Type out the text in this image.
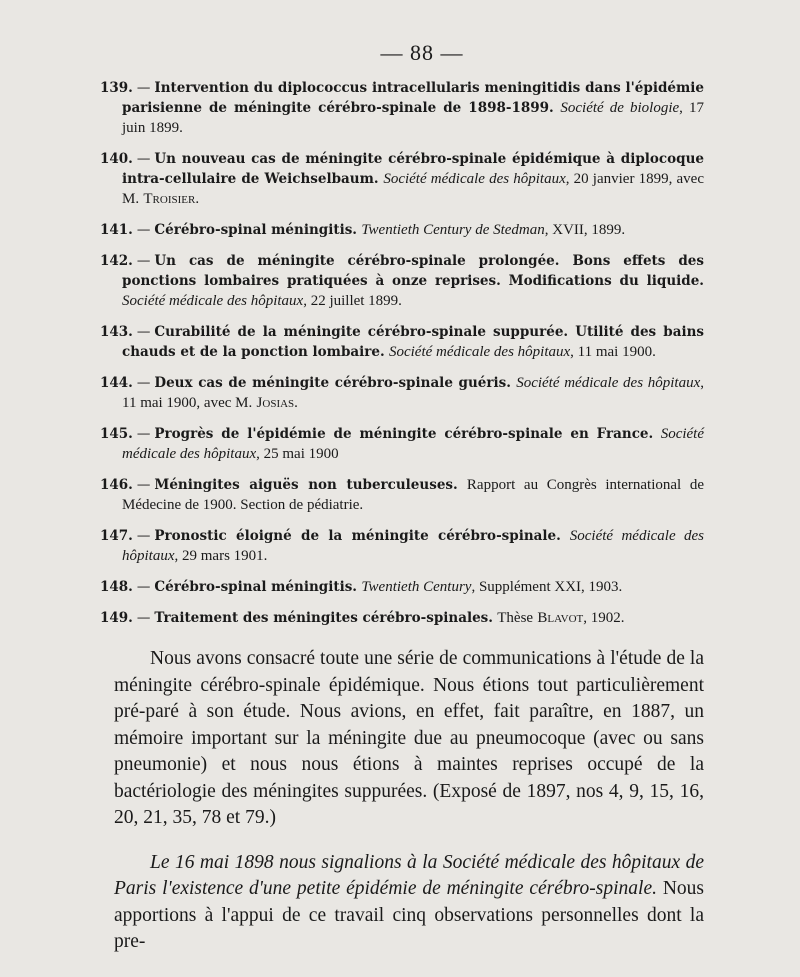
— 88 —
139. — Intervention du diplococcus intracellularis meningitidis dans l'épidémie parisienne de méningite cérébro-spinale de 1898-1899. Société de biologie, 17 juin 1899.
140. — Un nouveau cas de méningite cérébro-spinale épidémique à diplocoque intra-cellulaire de Weichselbaum. Société médicale des hôpitaux, 20 janvier 1899, avec M. Troisier.
141. — Cérébro-spinal méningitis. Twentieth Century de Stedman, XVII, 1899.
142. — Un cas de méningite cérébro-spinale prolongée. Bons effets des ponctions lombaires pratiquées à onze reprises. Modifications du liquide. Société médicale des hôpitaux, 22 juillet 1899.
143. — Curabilité de la méningite cérébro-spinale suppurée. Utilité des bains chauds et de la ponction lombaire. Société médicale des hôpitaux, 11 mai 1900.
144. — Deux cas de méningite cérébro-spinale guéris. Société médicale des hôpitaux, 11 mai 1900, avec M. Josias.
145. — Progrès de l'épidémie de méningite cérébro-spinale en France. Société médicale des hôpitaux, 25 mai 1900
146. — Méningites aiguës non tuberculeuses. Rapport au Congrès international de Médecine de 1900. Section de pédiatrie.
147. — Pronostic éloigné de la méningite cérébro-spinale. Société médicale des hôpitaux, 29 mars 1901.
148. — Cérébro-spinal méningitis. Twentieth Century, Supplément XXI, 1903.
149. — Traitement des méningites cérébro-spinales. Thèse Blavot, 1902.

Nous avons consacré toute une série de communications à l'étude de la méningite cérébro-spinale épidémique. Nous étions tout particulièrement pré-paré à son étude. Nous avions, en effet, fait paraître, en 1887, un mémoire important sur la méningite due au pneumocoque (avec ou sans pneumonie) et nous nous étions à maintes reprises occupé de la bactériologie des méningites suppurées. (Exposé de 1897, nos 4, 9, 15, 16, 20, 21, 35, 78 et 79.)

Le 16 mai 1898 nous signalions à la Société médicale des hôpitaux de Paris l'existence d'une petite épidémie de méningite cérébro-spinale. Nous apportions à l'appui de ce travail cinq observations personnelles dont la pre-
